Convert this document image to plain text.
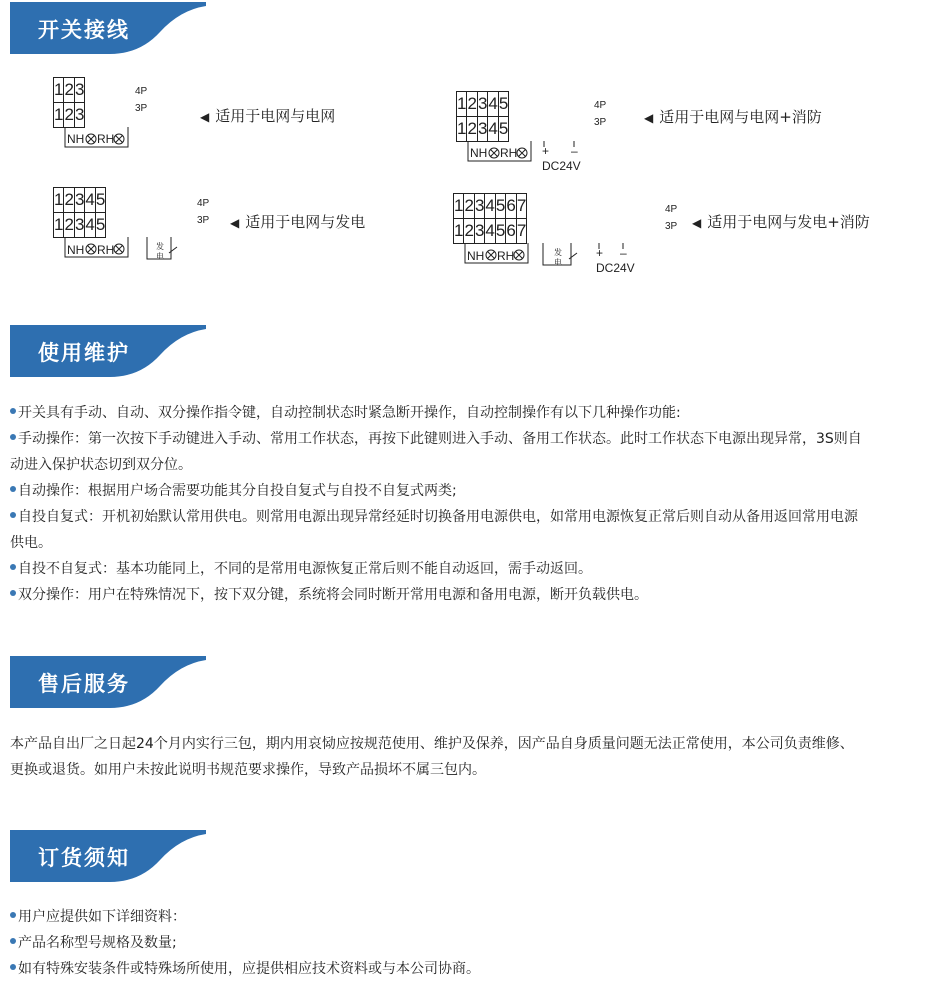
开关接线
1	2	3
1	2	3
4P
3P
NH RH
◀ 适用于电网与电网
1	2	3	4	5
1	2	3	4	5
4P
3P
NH RH + –
DC24V
◀ 适用于电网与电网+消防
1	2	3	4	5
1	2	3	4	5
4P
3P
NH RH	发
电
◀ 适用于电网与发电
1	2	3	4	5	6	7
1	2	3	4	5	6	7
4P
3P
NH RH	发
电
+ –
DC24V
◀ 适用于电网与发电+消防
使用维护

开关具有手动、自动、双分操作指令键，自动控制状态时紧急断开操作，自动控制操作有以下几种操作功能:

手动操作：第一次按下手动键进入手动、常用工作状态，再按下此键则进入手动、备用工作状态。此时工作状态下电源出现异常，3S则自

动进入保护状态切到双分位。

自动操作：根据用户场合需要功能其分自投自复式与自投不自复式两类;

自投自复式：开机初始默认常用供电。则常用电源出现异常经延时切换备用电源供电，如常用电源恢复正常后则自动从备用返回常用电源

供电。

自投不自复式：基本功能同上，不同的是常用电源恢复正常后则不能自动返回，需手动返回。

双分操作：用户在特殊情况下，按下双分键，系统将会同时断开常用电源和备用电源，断开负载供电。

售后服务

本产品自出厂之日起24个月内实行三包，期内用哀恸应按规范使用、维护及保养，因产品自身质量问题无法正常使用，本公司负责维修、

更换或退货。如用户未按此说明书规范要求操作，导致产品损坏不属三包内。

订货须知

用户应提供如下详细资料：

产品名称型号规格及数量;

如有特殊安装条件或特殊场所使用，应提供相应技术资料或与本公司协商。
